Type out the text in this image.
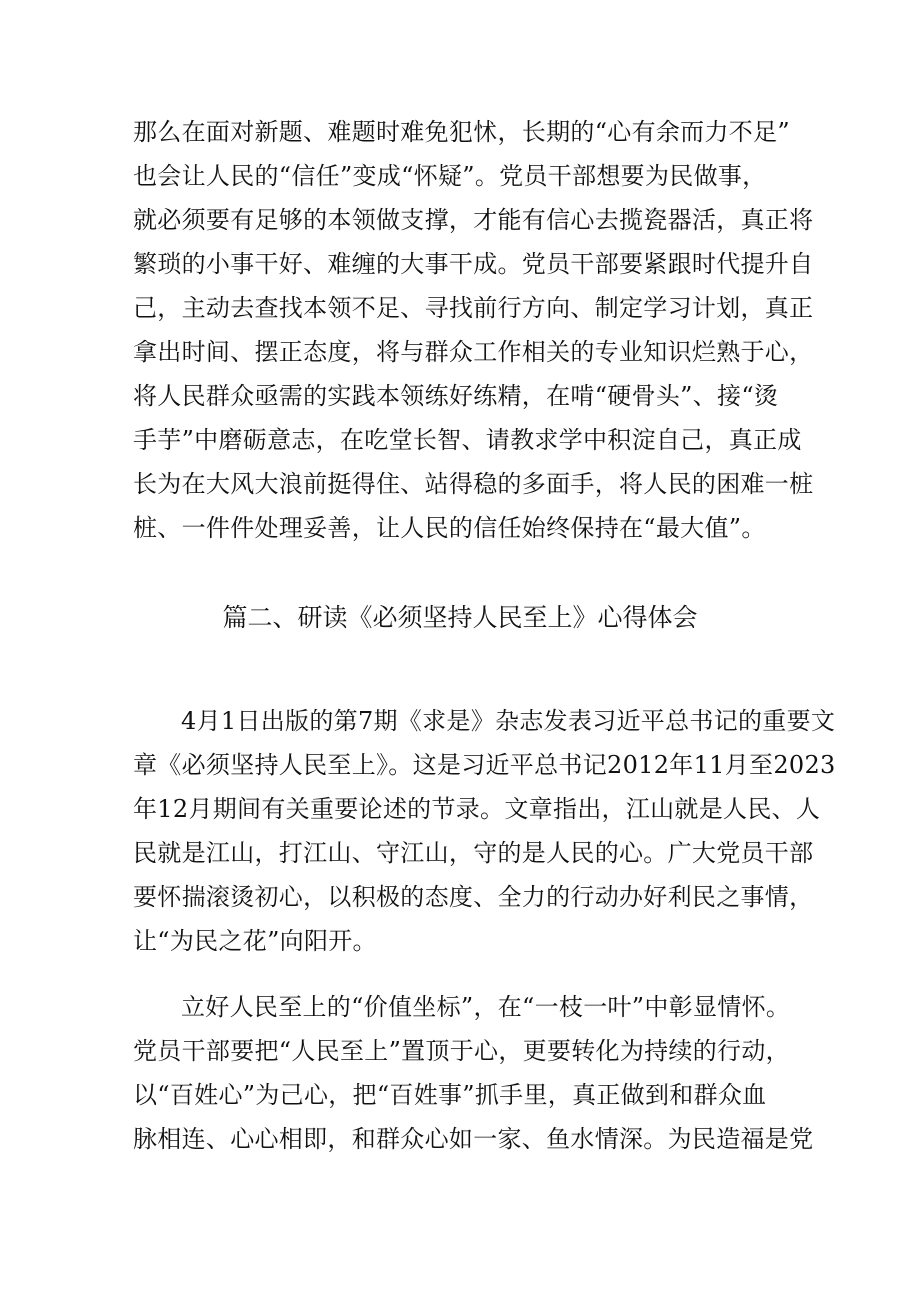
那么在面对新题、难题时难免犯怵，长期的“心有余而力不足”
也会让人民的“信任”变成“怀疑”。党员干部想要为民做事，
就必须要有足够的本领做支撑，才能有信心去揽瓷器活，真正将
繁琐的小事干好、难缠的大事干成。党员干部要紧跟时代提升自
己，主动去查找本领不足、寻找前行方向、制定学习计划，真正
拿出时间、摆正态度，将与群众工作相关的专业知识烂熟于心，
将人民群众亟需的实践本领练好练精，在啃“硬骨头”、接“烫
手芋”中磨砺意志，在吃堂长智、请教求学中积淀自己，真正成
长为在大风大浪前挺得住、站得稳的多面手，将人民的困难一桩
桩、一件件处理妥善，让人民的信任始终保持在“最大值”。
篇二、研读《必须坚持人民至上》心得体会
4月1日出版的第7期《求是》杂志发表习近平总书记的重要文
章《必须坚持人民至上》。这是习近平总书记2012年11月至2023
年12月期间有关重要论述的节录。文章指出，江山就是人民、人
民就是江山，打江山、守江山，守的是人民的心。广大党员干部
要怀揣滚烫初心，以积极的态度、全力的行动办好利民之事情，
让“为民之花”向阳开。
立好人民至上的“价值坐标”，在“一枝一叶”中彰显情怀。
党员干部要把“人民至上”置顶于心，更要转化为持续的行动，
以“百姓心”为己心，把“百姓事”抓手里，真正做到和群众血
脉相连、心心相即，和群众心如一家、鱼水情深。为民造福是党
